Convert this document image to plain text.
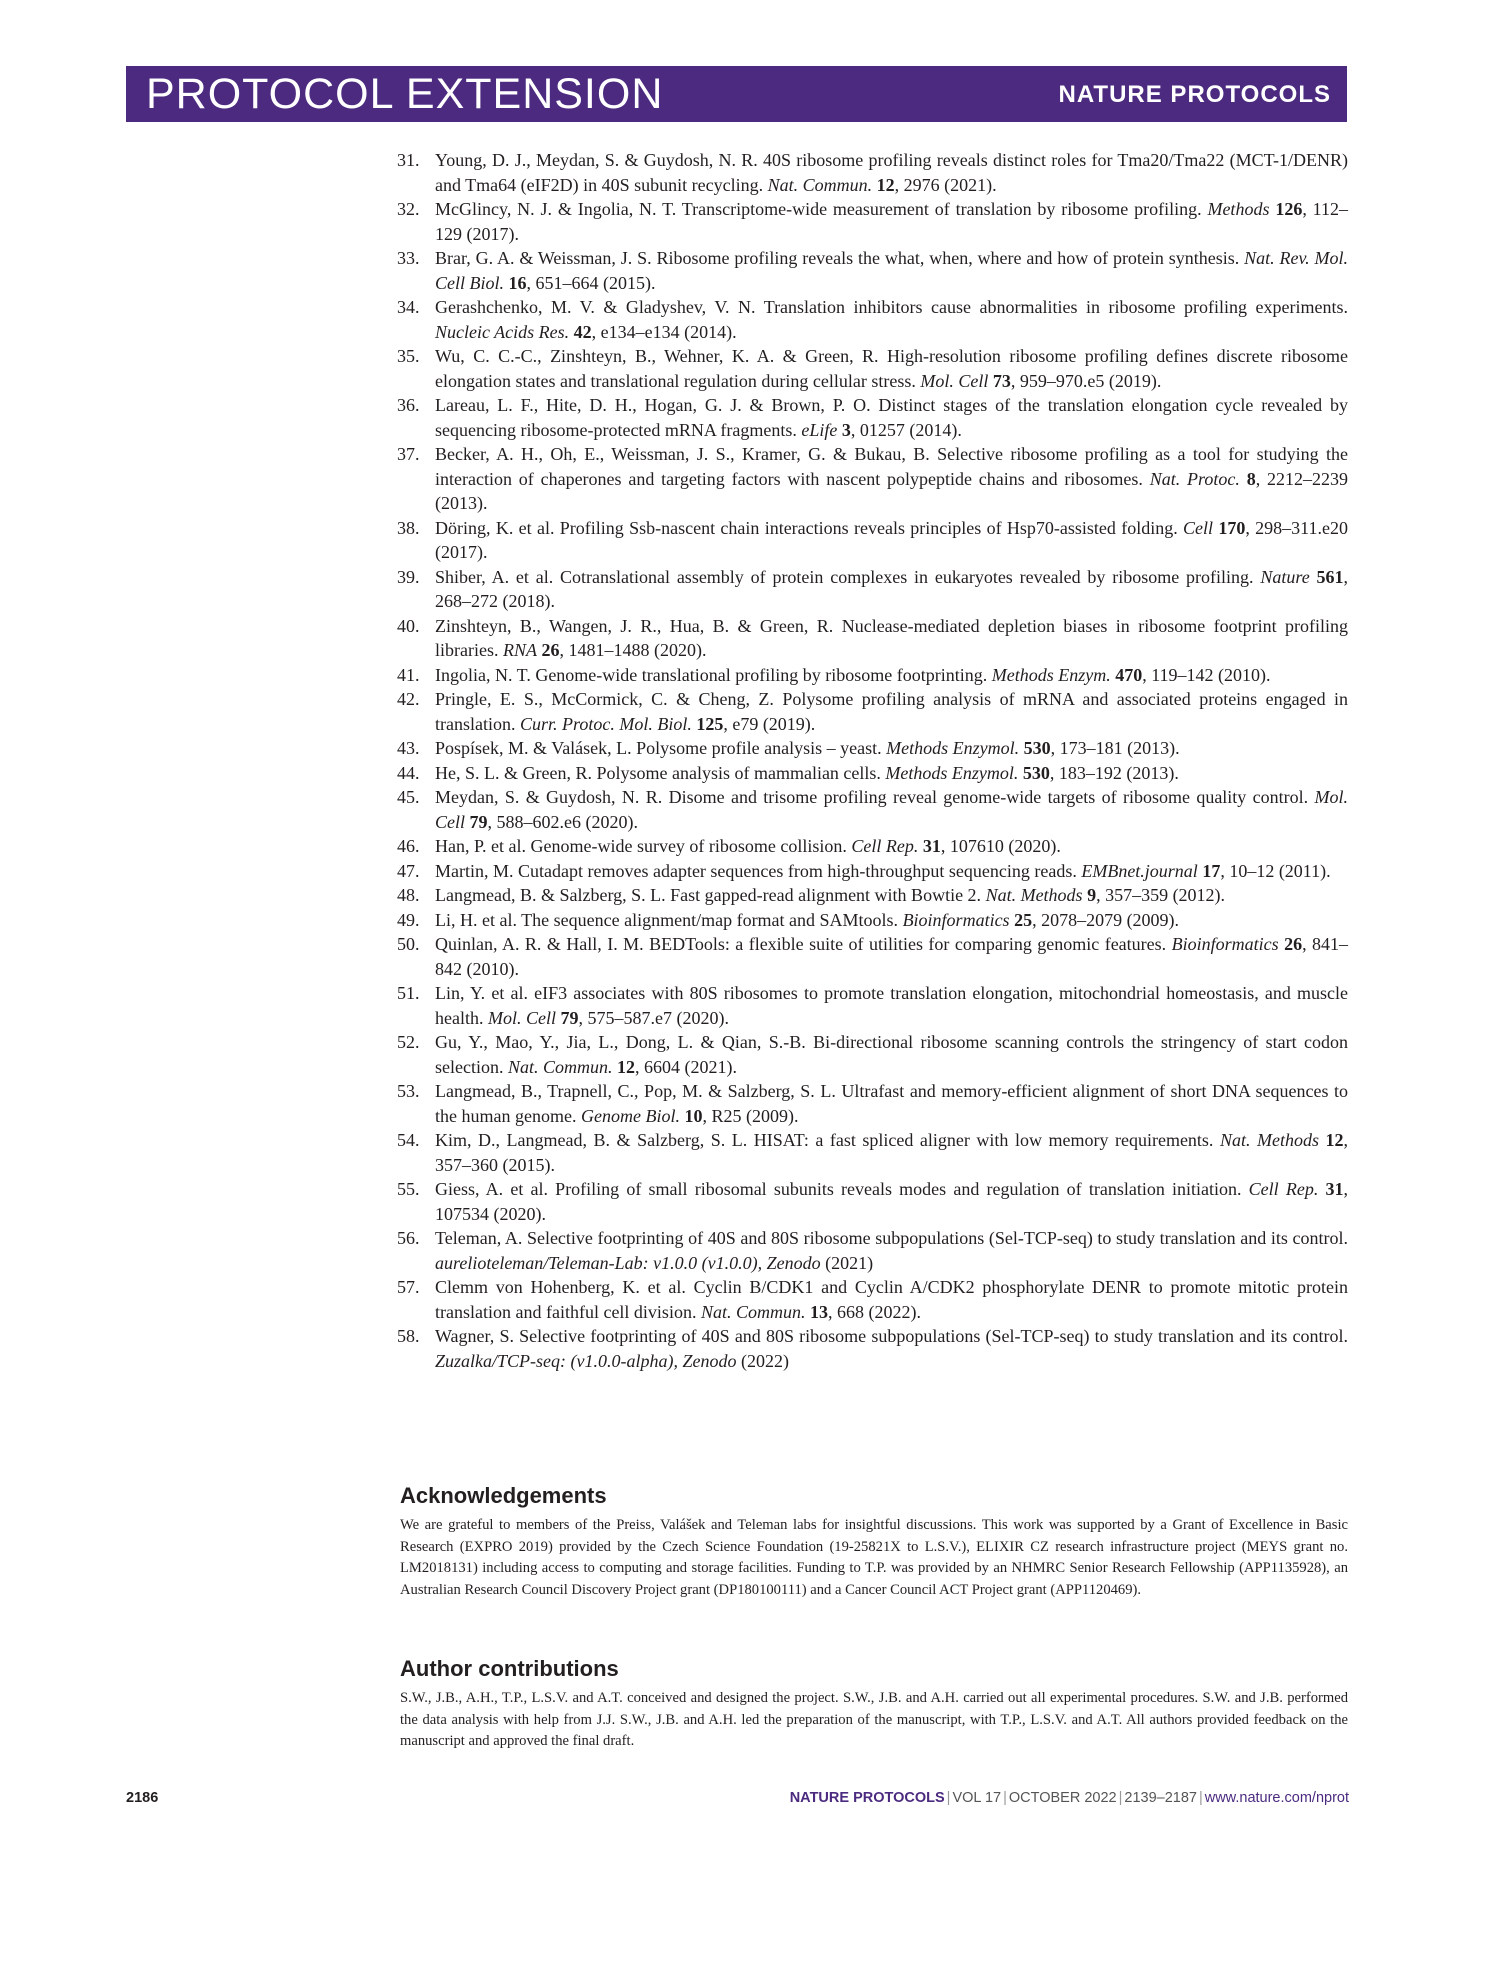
PROTOCOL EXTENSION	NATURE PROTOCOLS
31. Young, D. J., Meydan, S. & Guydosh, N. R. 40S ribosome profiling reveals distinct roles for Tma20/Tma22 (MCT-1/DENR) and Tma64 (eIF2D) in 40S subunit recycling. Nat. Commun. 12, 2976 (2021).
32. McGlincy, N. J. & Ingolia, N. T. Transcriptome-wide measurement of translation by ribosome profiling. Methods 126, 112–129 (2017).
33. Brar, G. A. & Weissman, J. S. Ribosome profiling reveals the what, when, where and how of protein synthesis. Nat. Rev. Mol. Cell Biol. 16, 651–664 (2015).
34. Gerashchenko, M. V. & Gladyshev, V. N. Translation inhibitors cause abnormalities in ribosome profiling experiments. Nucleic Acids Res. 42, e134–e134 (2014).
35. Wu, C. C.-C., Zinshteyn, B., Wehner, K. A. & Green, R. High-resolution ribosome profiling defines discrete ribosome elongation states and translational regulation during cellular stress. Mol. Cell 73, 959–970.e5 (2019).
36. Lareau, L. F., Hite, D. H., Hogan, G. J. & Brown, P. O. Distinct stages of the translation elongation cycle revealed by sequencing ribosome-protected mRNA fragments. eLife 3, 01257 (2014).
37. Becker, A. H., Oh, E., Weissman, J. S., Kramer, G. & Bukau, B. Selective ribosome profiling as a tool for studying the interaction of chaperones and targeting factors with nascent polypeptide chains and ribosomes. Nat. Protoc. 8, 2212–2239 (2013).
38. Döring, K. et al. Profiling Ssb-nascent chain interactions reveals principles of Hsp70-assisted folding. Cell 170, 298–311.e20 (2017).
39. Shiber, A. et al. Cotranslational assembly of protein complexes in eukaryotes revealed by ribosome profiling. Nature 561, 268–272 (2018).
40. Zinshteyn, B., Wangen, J. R., Hua, B. & Green, R. Nuclease-mediated depletion biases in ribosome footprint profiling libraries. RNA 26, 1481–1488 (2020).
41. Ingolia, N. T. Genome-wide translational profiling by ribosome footprinting. Methods Enzym. 470, 119–142 (2010).
42. Pringle, E. S., McCormick, C. & Cheng, Z. Polysome profiling analysis of mRNA and associated proteins engaged in translation. Curr. Protoc. Mol. Biol. 125, e79 (2019).
43. Pospísek, M. & Valásek, L. Polysome profile analysis – yeast. Methods Enzymol. 530, 173–181 (2013).
44. He, S. L. & Green, R. Polysome analysis of mammalian cells. Methods Enzymol. 530, 183–192 (2013).
45. Meydan, S. & Guydosh, N. R. Disome and trisome profiling reveal genome-wide targets of ribosome quality control. Mol. Cell 79, 588–602.e6 (2020).
46. Han, P. et al. Genome-wide survey of ribosome collision. Cell Rep. 31, 107610 (2020).
47. Martin, M. Cutadapt removes adapter sequences from high-throughput sequencing reads. EMBnet.journal 17, 10–12 (2011).
48. Langmead, B. & Salzberg, S. L. Fast gapped-read alignment with Bowtie 2. Nat. Methods 9, 357–359 (2012).
49. Li, H. et al. The sequence alignment/map format and SAMtools. Bioinformatics 25, 2078–2079 (2009).
50. Quinlan, A. R. & Hall, I. M. BEDTools: a flexible suite of utilities for comparing genomic features. Bioinformatics 26, 841–842 (2010).
51. Lin, Y. et al. eIF3 associates with 80S ribosomes to promote translation elongation, mitochondrial homeostasis, and muscle health. Mol. Cell 79, 575–587.e7 (2020).
52. Gu, Y., Mao, Y., Jia, L., Dong, L. & Qian, S.-B. Bi-directional ribosome scanning controls the stringency of start codon selection. Nat. Commun. 12, 6604 (2021).
53. Langmead, B., Trapnell, C., Pop, M. & Salzberg, S. L. Ultrafast and memory-efficient alignment of short DNA sequences to the human genome. Genome Biol. 10, R25 (2009).
54. Kim, D., Langmead, B. & Salzberg, S. L. HISAT: a fast spliced aligner with low memory requirements. Nat. Methods 12, 357–360 (2015).
55. Giess, A. et al. Profiling of small ribosomal subunits reveals modes and regulation of translation initiation. Cell Rep. 31, 107534 (2020).
56. Teleman, A. Selective footprinting of 40S and 80S ribosome subpopulations (Sel-TCP-seq) to study translation and its control. aurelioteleman/Teleman-Lab: v1.0.0 (v1.0.0), Zenodo (2021)
57. Clemm von Hohenberg, K. et al. Cyclin B/CDK1 and Cyclin A/CDK2 phosphorylate DENR to promote mitotic protein translation and faithful cell division. Nat. Commun. 13, 668 (2022).
58. Wagner, S. Selective footprinting of 40S and 80S ribosome subpopulations (Sel-TCP-seq) to study translation and its control. Zuzalka/TCP-seq: (v1.0.0-alpha), Zenodo (2022)
Acknowledgements

We are grateful to members of the Preiss, Valášek and Teleman labs for insightful discussions. This work was supported by a Grant of Excellence in Basic Research (EXPRO 2019) provided by the Czech Science Foundation (19-25821X to L.S.V.), ELIXIR CZ research infrastructure project (MEYS grant no. LM2018131) including access to computing and storage facilities. Funding to T.P. was provided by an NHMRC Senior Research Fellowship (APP1135928), an Australian Research Council Discovery Project grant (DP180100111) and a Cancer Council ACT Project grant (APP1120469).

Author contributions

S.W., J.B., A.H., T.P., L.S.V. and A.T. conceived and designed the project. S.W., J.B. and A.H. carried out all experimental procedures. S.W. and J.B. performed the data analysis with help from J.J. S.W., J.B. and A.H. led the preparation of the manuscript, with T.P., L.S.V. and A.T. All authors provided feedback on the manuscript and approved the final draft.

2186	NATURE PROTOCOLS | VOL 17 | OCTOBER 2022 | 2139–2187 | www.nature.com/nprot
